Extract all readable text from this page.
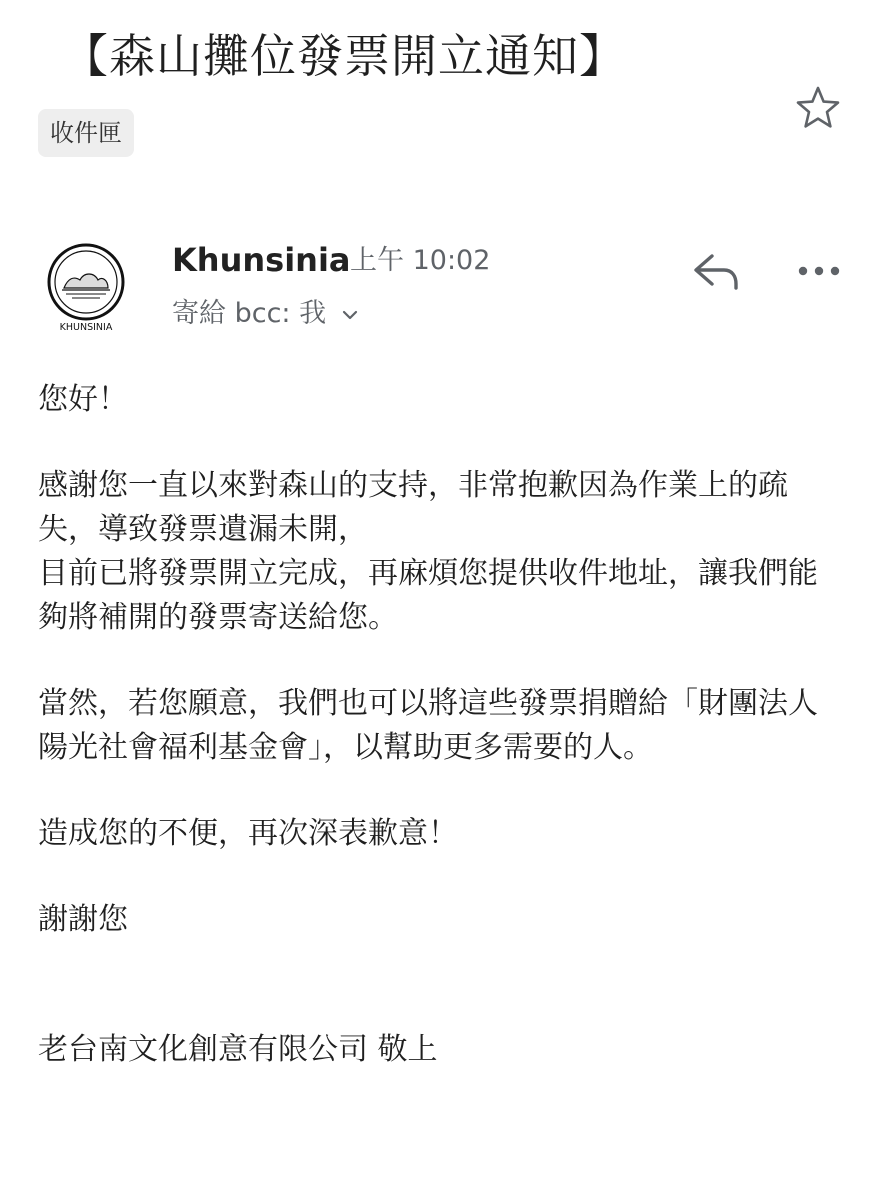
【森山攤位發票開立通知】
收件匣
KHUNSINIA
Khunsinia 上午 10:02
寄給 bcc: 我

您好！

感謝您一直以來對森山的支持，非常抱歉因為作業上的疏

失，導致發票遺漏未開，

目前已將發票開立完成，再麻煩您提供收件地址，讓我們能

夠將補開的發票寄送給您。

當然，若您願意，我們也可以將這些發票捐贈給「財團法人

陽光社會福利基金會」，以幫助更多需要的人。

造成您的不便，再次深表歉意！

謝謝您

老台南文化創意有限公司 敬上
